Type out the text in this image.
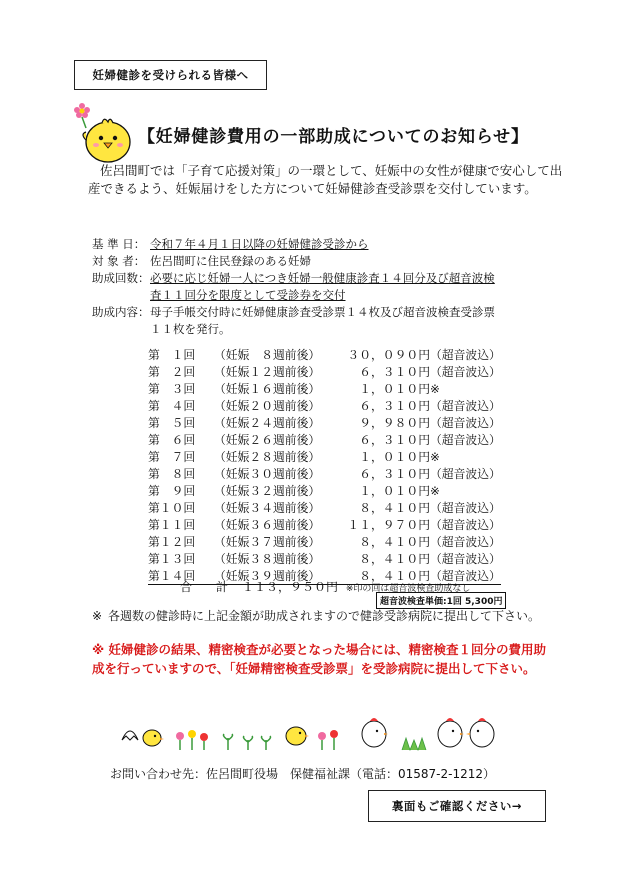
妊婦健診を受けられる皆様へ
【妊婦健診費用の一部助成についてのお知らせ】
佐呂間町では「子育て応援対策」の一環として、妊娠中の女性が健康で安心して出産できるよう、妊娠届けをした方について妊婦健診査受診票を交付しています。
基 準 日： 令和７年４月１日以降の妊婦健診受診から
対 象 者： 佐呂間町に住民登録のある妊婦
助成回数：必要に応じ妊婦一人につき妊婦一般健康診査１４回分及び超音波検
査１１回分を限度として受診券を交付
助成内容：母子手帳交付時に妊婦健康診査受診票１４枚及び超音波検査受診票
１１枚を発行。
第　１回	（妊娠　８週前後）	３０，０９０円	（超音波込）
第　２回	（妊娠１２週前後）	６，３１０円	（超音波込）
第　３回	（妊娠１６週前後）	１，０１０円	※
第　４回	（妊娠２０週前後）	６，３１０円	（超音波込）
第　５回	（妊娠２４週前後）	９，９８０円	（超音波込）
第　６回	（妊娠２６週前後）	６，３１０円	（超音波込）
第　７回	（妊娠２８週前後）	１，０１０円	※
第　８回	（妊娠３０週前後）	６，３１０円	（超音波込）
第　９回	（妊娠３２週前後）	１，０１０円	※
第１０回	（妊娠３４週前後）	８，４１０円	（超音波込）
第１１回	（妊娠３６週前後）	１１，９７０円	（超音波込）
第１２回	（妊娠３７週前後）	８，４１０円	（超音波込）
第１３回	（妊娠３８週前後）	８，４１０円	（超音波込）
第１４回	（妊娠３９週前後）	８，４１０円	（超音波込）
合　　計 １１３，９５０円 ※印の回は超音波検査助成なし
超音波検査単価:1回 5,300円
※ 各週数の健診時に上記金額が助成されますので健診受診病院に提出して下さい。
※ 妊婦健診の結果、精密検査が必要となった場合には、精密検査１回分の費用助成を行っていますので、「妊婦精密検査受診票」を受診病院に提出して下さい。
お問い合わせ先：佐呂間町役場　保健福祉課（電話：01587-2-1212）
裏面もご確認ください→
